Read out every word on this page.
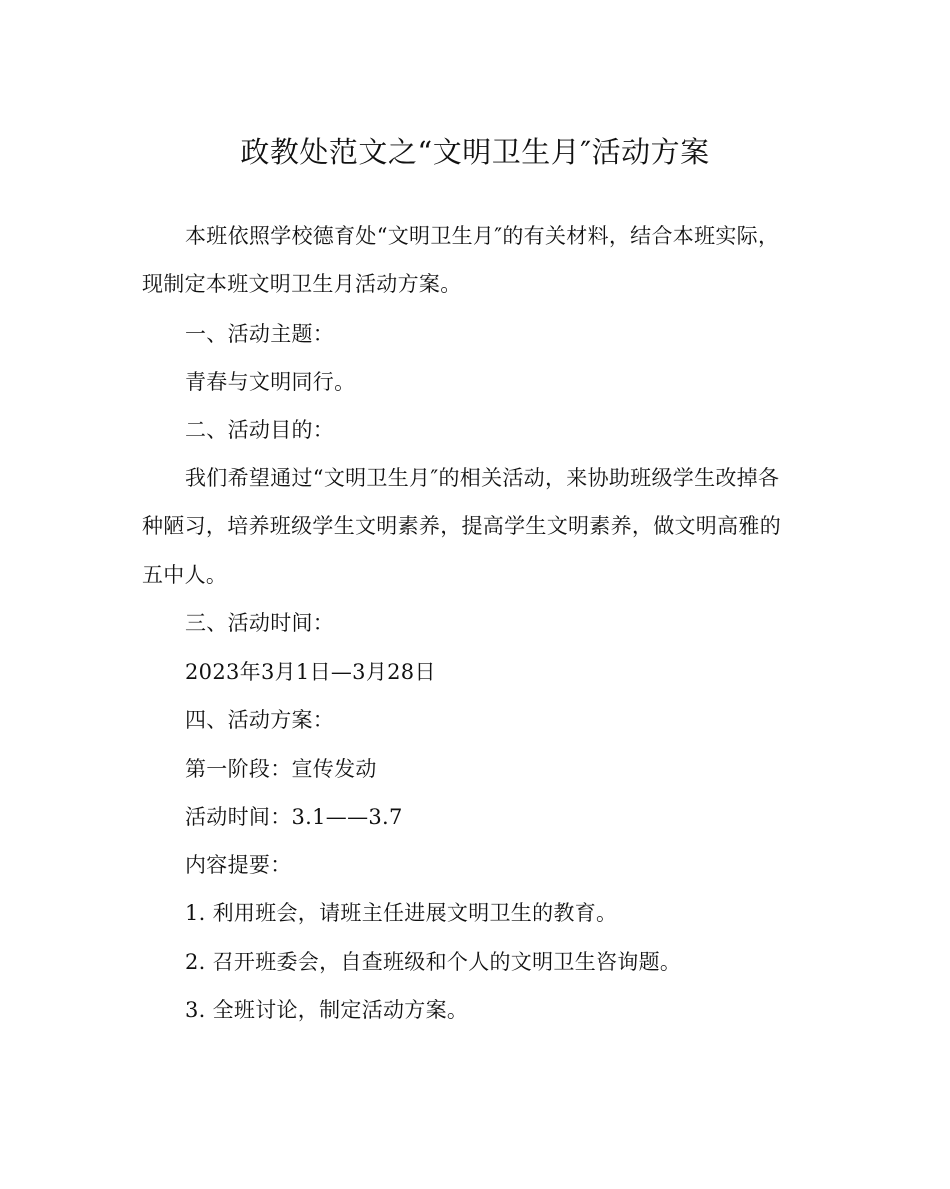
政教处范文之“文明卫生月″活动方案
本班依照学校德育处“文明卫生月″的有关材料，结合本班实际，
现制定本班文明卫生月活动方案。
一、活动主题：
青春与文明同行。
二、活动目的：
我们希望通过“文明卫生月″的相关活动，来协助班级学生改掉各
种陋习，培养班级学生文明素养，提高学生文明素养，做文明高雅的
五中人。
三、活动时间：
2023年3月1日—3月28日
四、活动方案：
第一阶段：宣传发动
活动时间：3.1——3.7
内容提要：
1. 利用班会，请班主任进展文明卫生的教育。
2. 召开班委会，自查班级和个人的文明卫生咨询题。
3. 全班讨论，制定活动方案。
